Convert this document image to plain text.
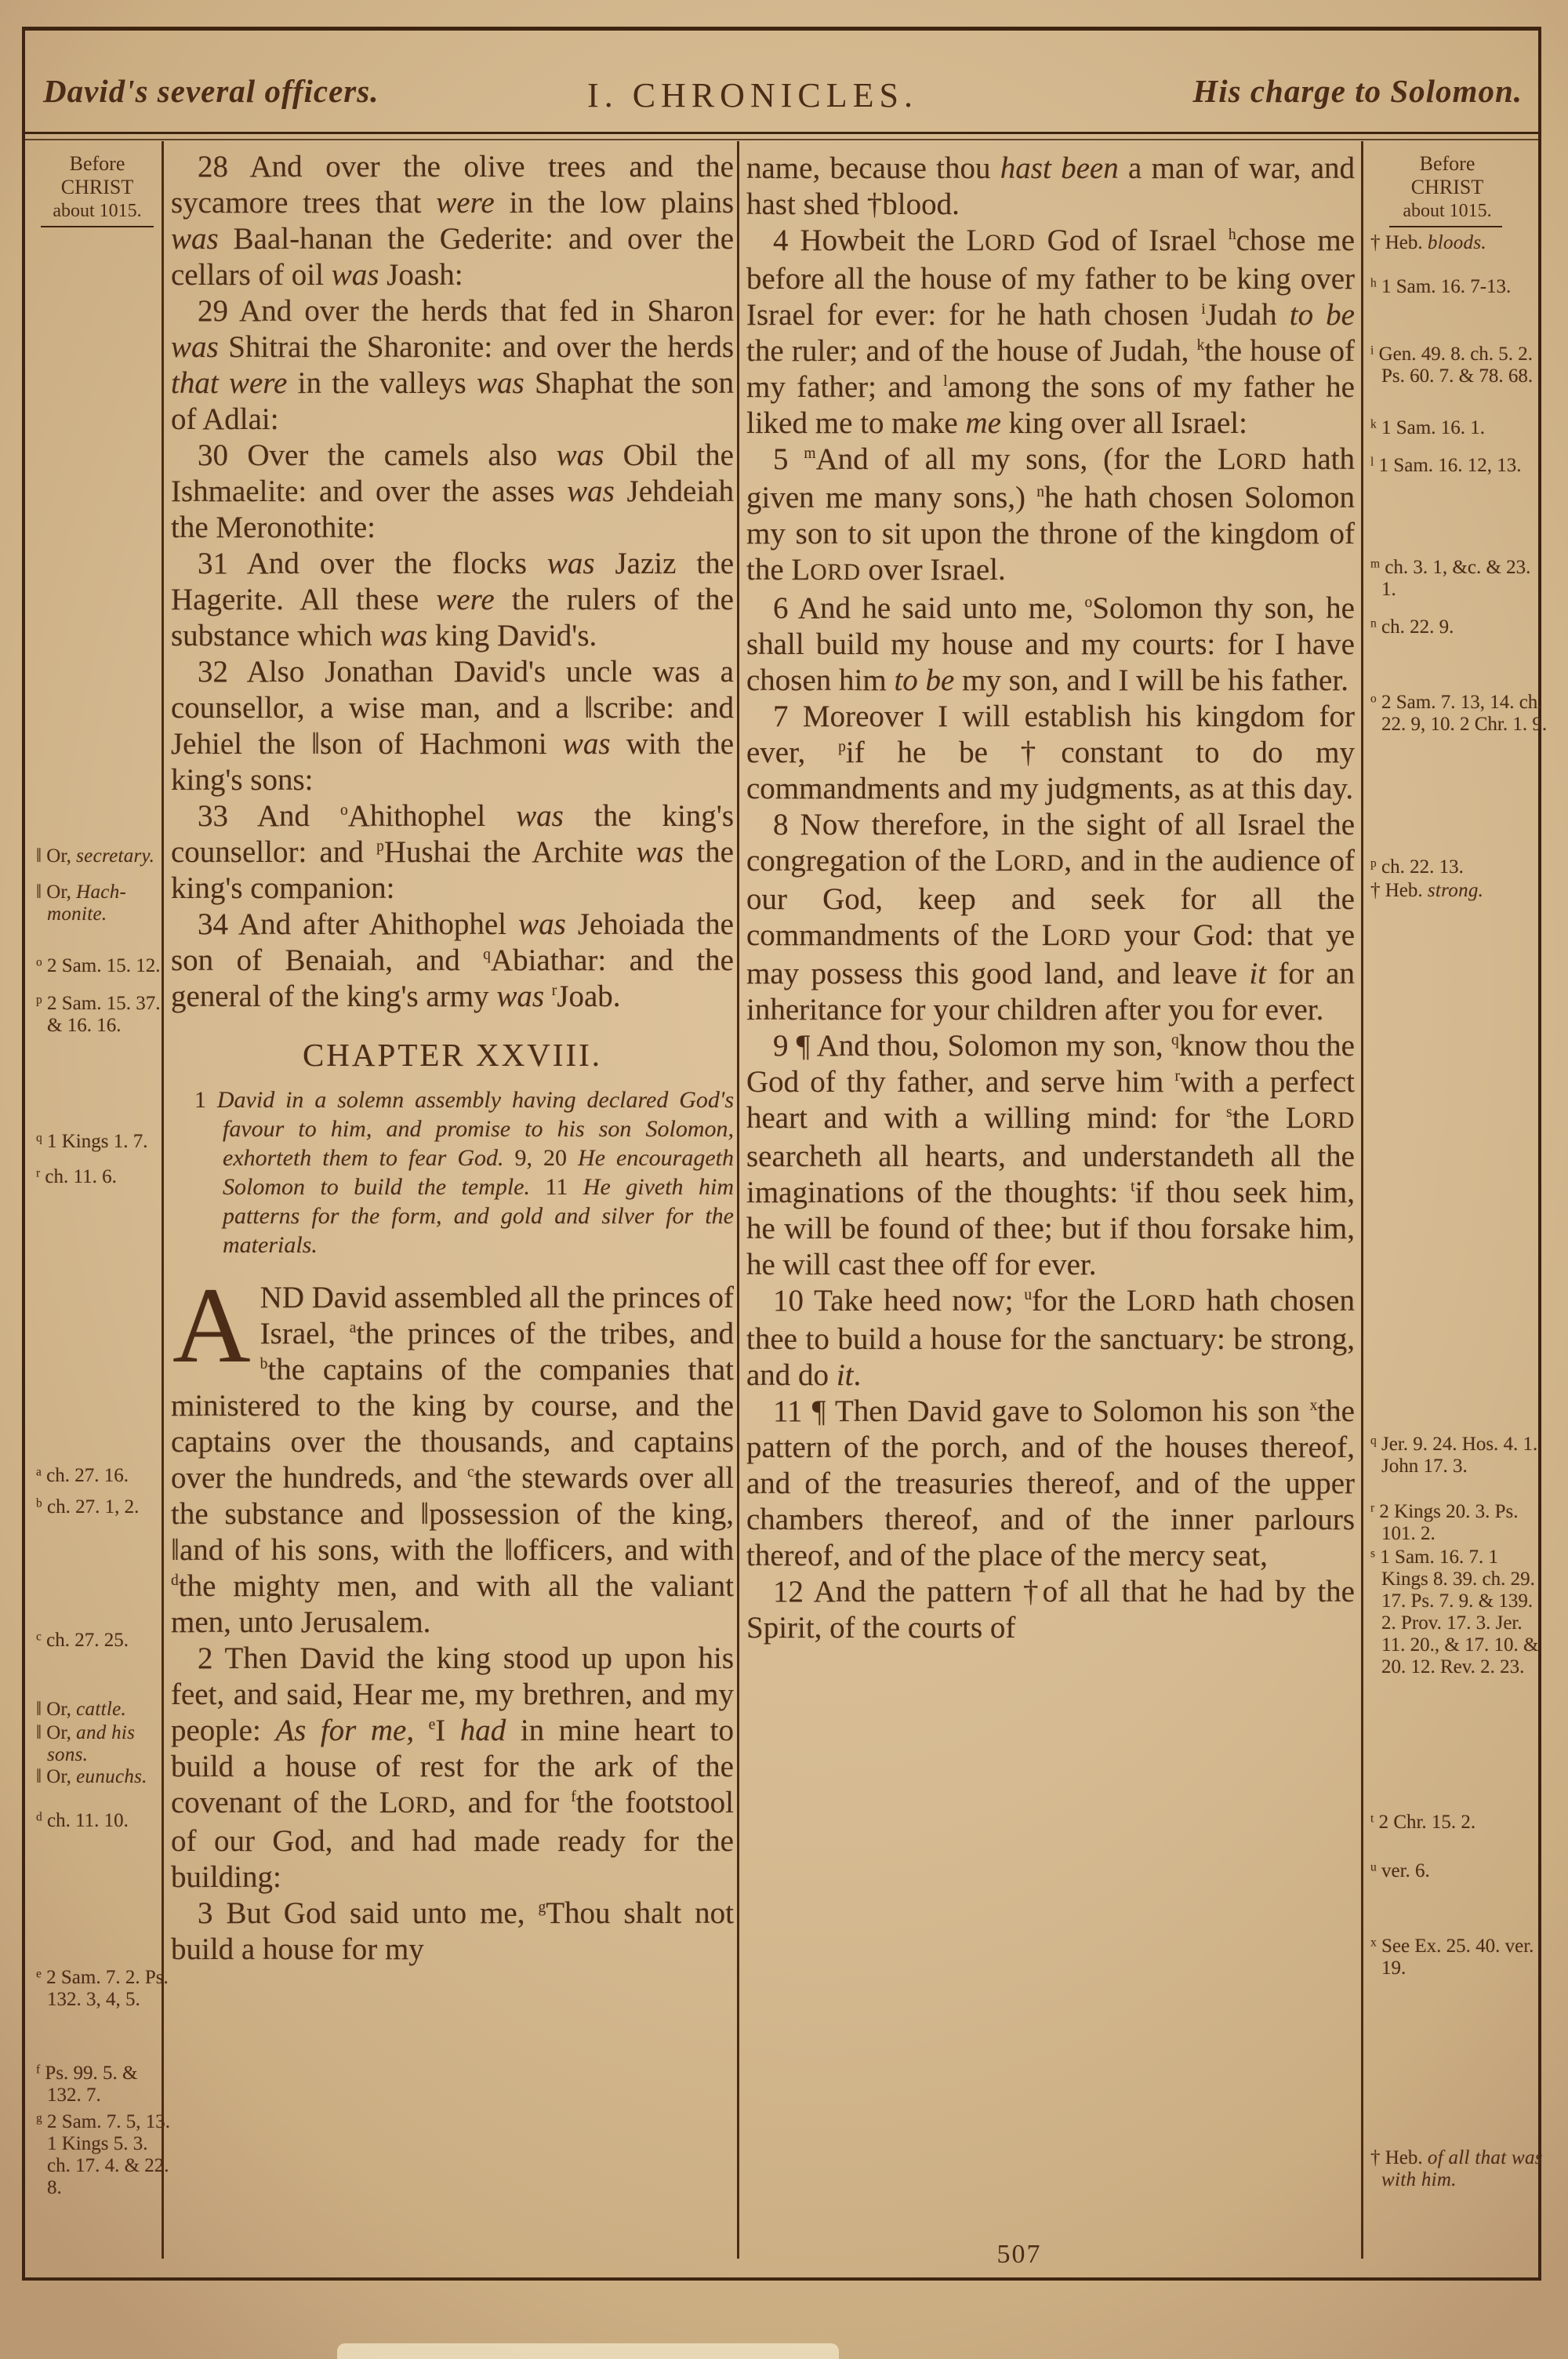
David's several officers.	I. CHRONICLES.	His charge to Solomon.
Before
CHRIST
about 1015.
Before
CHRIST
about 1015.
‖ Or, secretary.
‖ Or, Hach-monite.
$^o$ 2 Sam. 15. 12.
$^p$ 2 Sam. 15. 37. & 16. 16.
$^q$ 1 Kings 1. 7.
$^r$ ch. 11. 6.
$^a$ ch. 27. 16.
$^b$ ch. 27. 1, 2.
$^c$ ch. 27. 25.
‖ Or, cattle.
‖ Or, and his sons.
‖ Or, eunuchs.
$^d$ ch. 11. 10.
$^e$ 2 Sam. 7. 2. Ps. 132. 3, 4, 5.
$^f$ Ps. 99. 5. & 132. 7.
$^g$ 2 Sam. 7. 5, 13. 1 Kings 5. 3. ch. 17. 4. & 22. 8.
† Heb. bloods.
$^h$ 1 Sam. 16. 7-13.
$^i$ Gen. 49. 8. ch. 5. 2. Ps. 60. 7. & 78. 68.
$^k$ 1 Sam. 16. 1.
$^l$ 1 Sam. 16. 12, 13.
$^m$ ch. 3. 1, &c. & 23. 1.
$^n$ ch. 22. 9.
$^o$ 2 Sam. 7. 13, 14. ch. 22. 9, 10. 2 Chr. 1. 9.
$^p$ ch. 22. 13.
† Heb. strong.
$^q$ Jer. 9. 24. Hos. 4. 1. John 17. 3.
$^r$ 2 Kings 20. 3. Ps. 101. 2.
$^s$ 1 Sam. 16. 7. 1 Kings 8. 39. ch. 29. 17. Ps. 7. 9. & 139. 2. Prov. 17. 3. Jer. 11. 20., & 17. 10. & 20. 12. Rev. 2. 23.
$^t$ 2 Chr. 15. 2.
$^u$ ver. 6.
$^x$ See Ex. 25. 40. ver. 19.
† Heb. of all that was with him.

28 And over the olive trees and the sycamore trees that were in the low plains was Baal-hanan the Gederite: and over the cellars of oil was Joash:

29 And over the herds that fed in Sharon was Shitrai the Sharonite: and over the herds that were in the valleys was Shaphat the son of Adlai:

30 Over the camels also was Obil the Ishmaelite: and over the asses was Jehdeiah the Meronothite:

31 And over the flocks was Jaziz the Hagerite. All these were the rulers of the substance which was king David's.

32 Also Jonathan David's uncle was a counsellor, a wise man, and a ‖scribe: and Jehiel the ‖son of Hachmoni was with the king's sons:

33 And $^o$Ahithophel was the king's counsellor: and $^p$Hushai the Archite was the king's companion:

34 And after Ahithophel was Jehoiada the son of Benaiah, and $^q$Abiathar: and the general of the king's army was $^r$Joab.

CHAPTER XXVIII.

1 David in a solemn assembly having declared God's favour to him, and promise to his son Solomon, exhorteth them to fear God. 9, 20 He encourageth Solomon to build the temple. 11 He giveth him patterns for the form, and gold and silver for the materials.

AND David assembled all the princes of Israel, $^a$the princes of the tribes, and $^b$the captains of the companies that ministered to the king by course, and the captains over the thousands, and captains over the hundreds, and $^c$the stewards over all the substance and ‖possession of the king, ‖and of his sons, with the ‖officers, and with $^d$the mighty men, and with all the valiant men, unto Jerusalem.

2 Then David the king stood up upon his feet, and said, Hear me, my brethren, and my people: As for me, $^e$I had in mine heart to build a house of rest for the ark of the covenant of the LORD, and for $^f$the footstool of our God, and had made ready for the building:

3 But God said unto me, $^g$Thou shalt not build a house for my

name, because thou hast been a man of war, and hast shed †blood.

4 Howbeit the LORD God of Israel $^h$chose me before all the house of my father to be king over Israel for ever: for he hath chosen $^i$Judah to be the ruler; and of the house of Judah, $^k$the house of my father; and $^l$among the sons of my father he liked me to make me king over all Israel:

5 $^m$And of all my sons, (for the LORD hath given me many sons,) $^n$he hath chosen Solomon my son to sit upon the throne of the kingdom of the LORD over Israel.

6 And he said unto me, $^o$Solomon thy son, he shall build my house and my courts: for I have chosen him to be my son, and I will be his father.

7 Moreover I will establish his kingdom for ever, $^p$if he be †constant to do my commandments and my judgments, as at this day.

8 Now therefore, in the sight of all Israel the congregation of the LORD, and in the audience of our God, keep and seek for all the commandments of the LORD your God: that ye may possess this good land, and leave it for an inheritance for your children after you for ever.

9 ¶ And thou, Solomon my son, $^q$know thou the God of thy father, and serve him $^r$with a perfect heart and with a willing mind: for $^s$the LORD searcheth all hearts, and understandeth all the imaginations of the thoughts: $^t$if thou seek him, he will be found of thee; but if thou forsake him, he will cast thee off for ever.

10 Take heed now; $^u$for the LORD hath chosen thee to build a house for the sanctuary: be strong, and do it.

11 ¶ Then David gave to Solomon his son $^x$the pattern of the porch, and of the houses thereof, and of the treasuries thereof, and of the upper chambers thereof, and of the inner parlours thereof, and of the place of the mercy seat,

12 And the pattern †of all that he had by the Spirit, of the courts of

507
